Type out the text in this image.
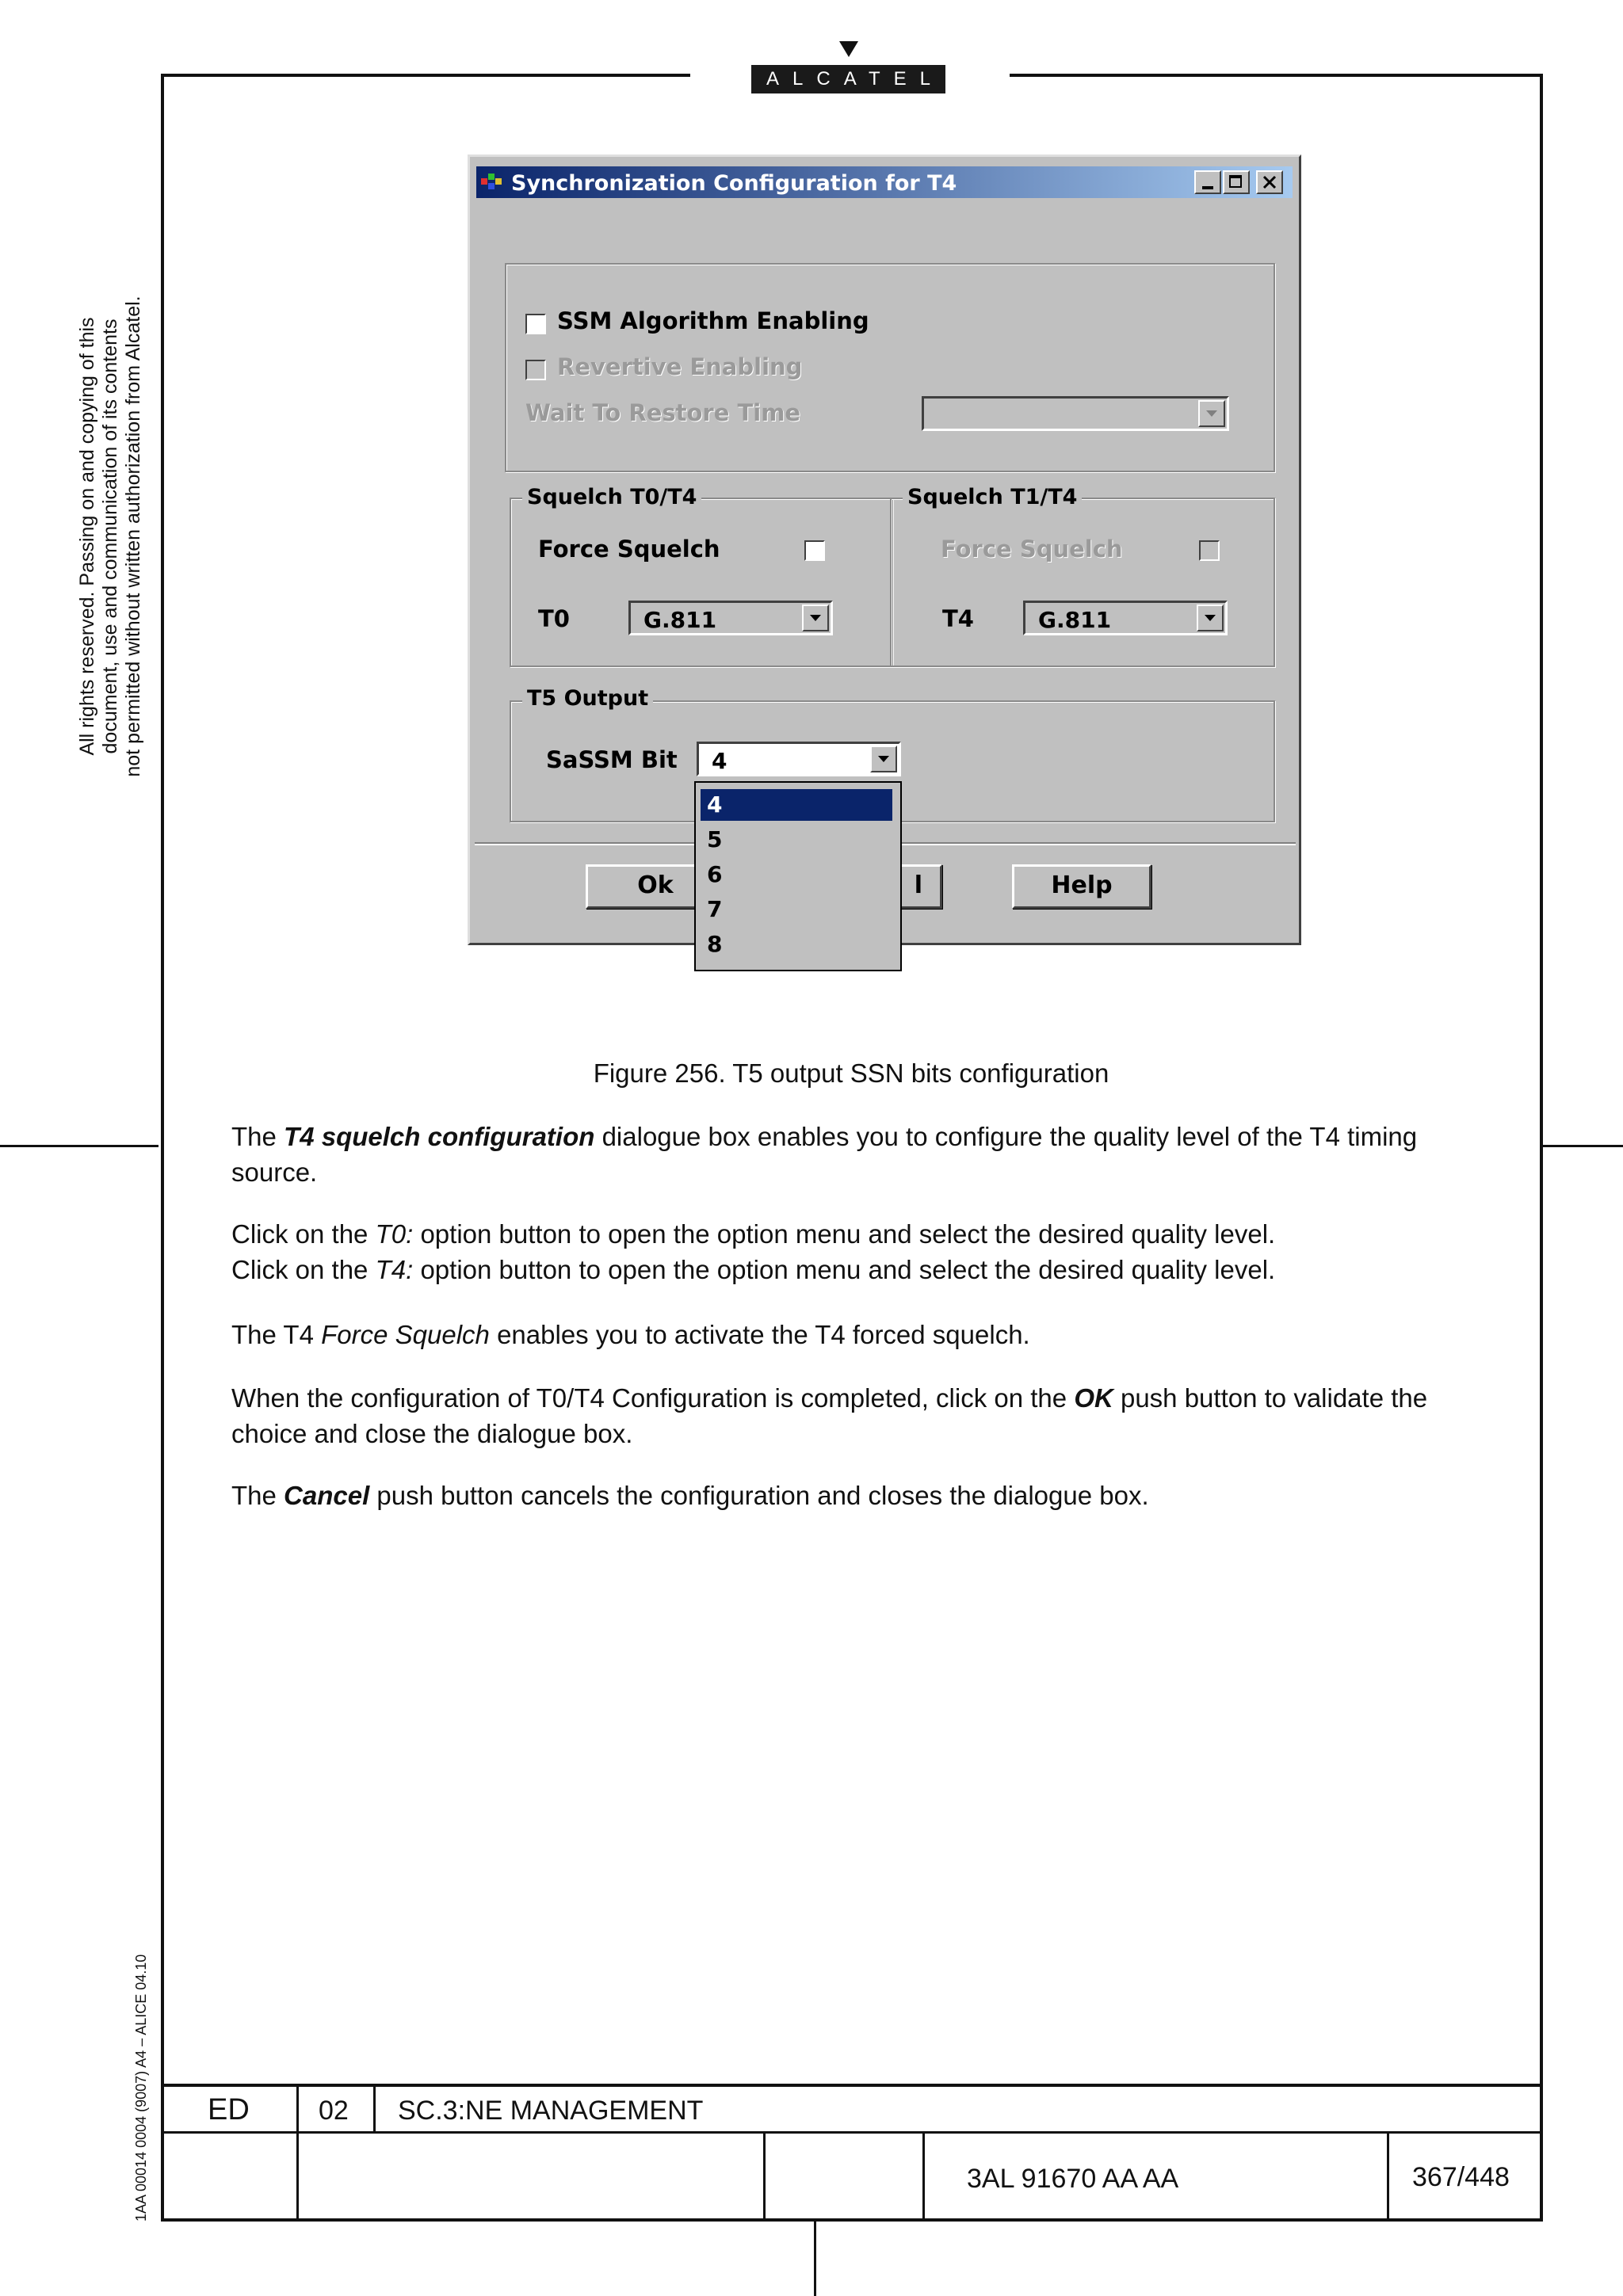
ALCATEL
All rights reserved. Passing on and copying of this document, use and communication of its contents not permitted without written authorization from Alcatel.
1AA 00014 0004 (9007) A4 – ALICE 04.10
Synchronization Configuration for T4
SSM Algorithm Enabling
Revertive Enabling
Wait To Restore Time
Squelch T0/T4
Force Squelch
T0	G.811
Squelch T1/T4
Force Squelch
T4	G.811
T5 Output
SaSSM Bit 4
Ok	l	Help
4
5
6
7
8
Figure 256. T5 output SSN bits configuration
The T4 squelch configuration dialogue box enables you to configure the quality level of the T4 timing source.
Click on the T0: option button to open the option menu and select the desired quality level.
Click on the T4: option button to open the option menu and select the desired quality level.
The T4 Force Squelch enables you to activate the T4 forced squelch.
When the configuration of T0/T4 Configuration is completed, click on the OK push button to validate the choice and close the dialogue box.
The Cancel push button cancels the configuration and closes the dialogue box.
ED	02 SC.3:NE MANAGEMENT
3AL 91670 AA AA	367/448
